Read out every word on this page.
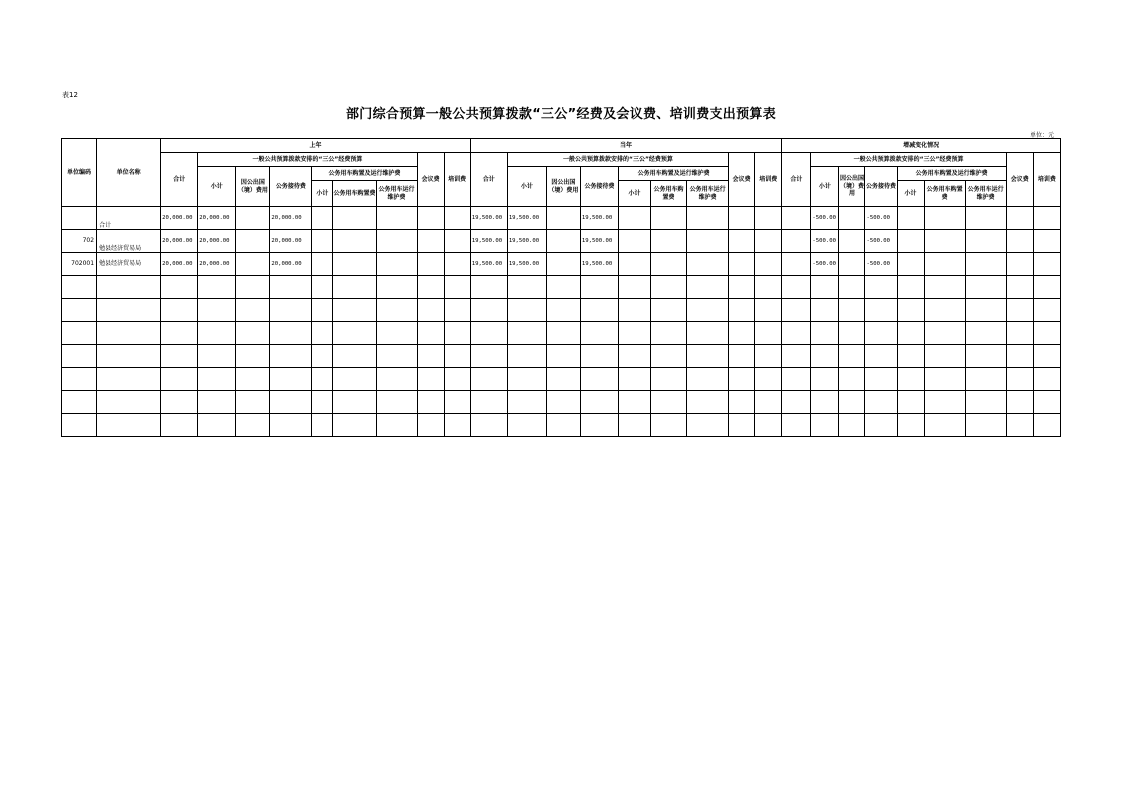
表12
部门综合预算一般公共预算拨款“三公”经费及会议费、培训费支出预算表
单位：元
单位编码	单位名称	上年									当年									增减变化情况								
		合计	一般公共预算拨款安排的“三公”经费预算						会议费	培训费	合计	一般公共预算拨款安排的“三公”经费预算						会议费	培训费	合计	一般公共预算拨款安排的“三公”经费预算						会议费	培训费
			小计	因公出国（境）费用	公务接待费	公务用车购置及运行维护费						小计	因公出国（境）费用	公务接待费	公务用车购置及运行维护费						小计	因公出国（境）费用	公务接待费	公务用车购置及运行维护费				
						小计	公务用车购置费	公务用车运行维护费							小计	公务用车购置费	公务用车运行维护费							小计	公务用车购置费	公务用车运行维护费		
	合计	20,000.00	20,000.00		20,000.00						19,500.00	19,500.00		19,500.00							-500.00		-500.00					
702	勉县经济贸易局	20,000.00	20,000.00		20,000.00						19,500.00	19,500.00		19,500.00							-500.00		-500.00					
702001	勉县经济贸易局	20,000.00	20,000.00		20,000.00						19,500.00	19,500.00		19,500.00							-500.00		-500.00					
